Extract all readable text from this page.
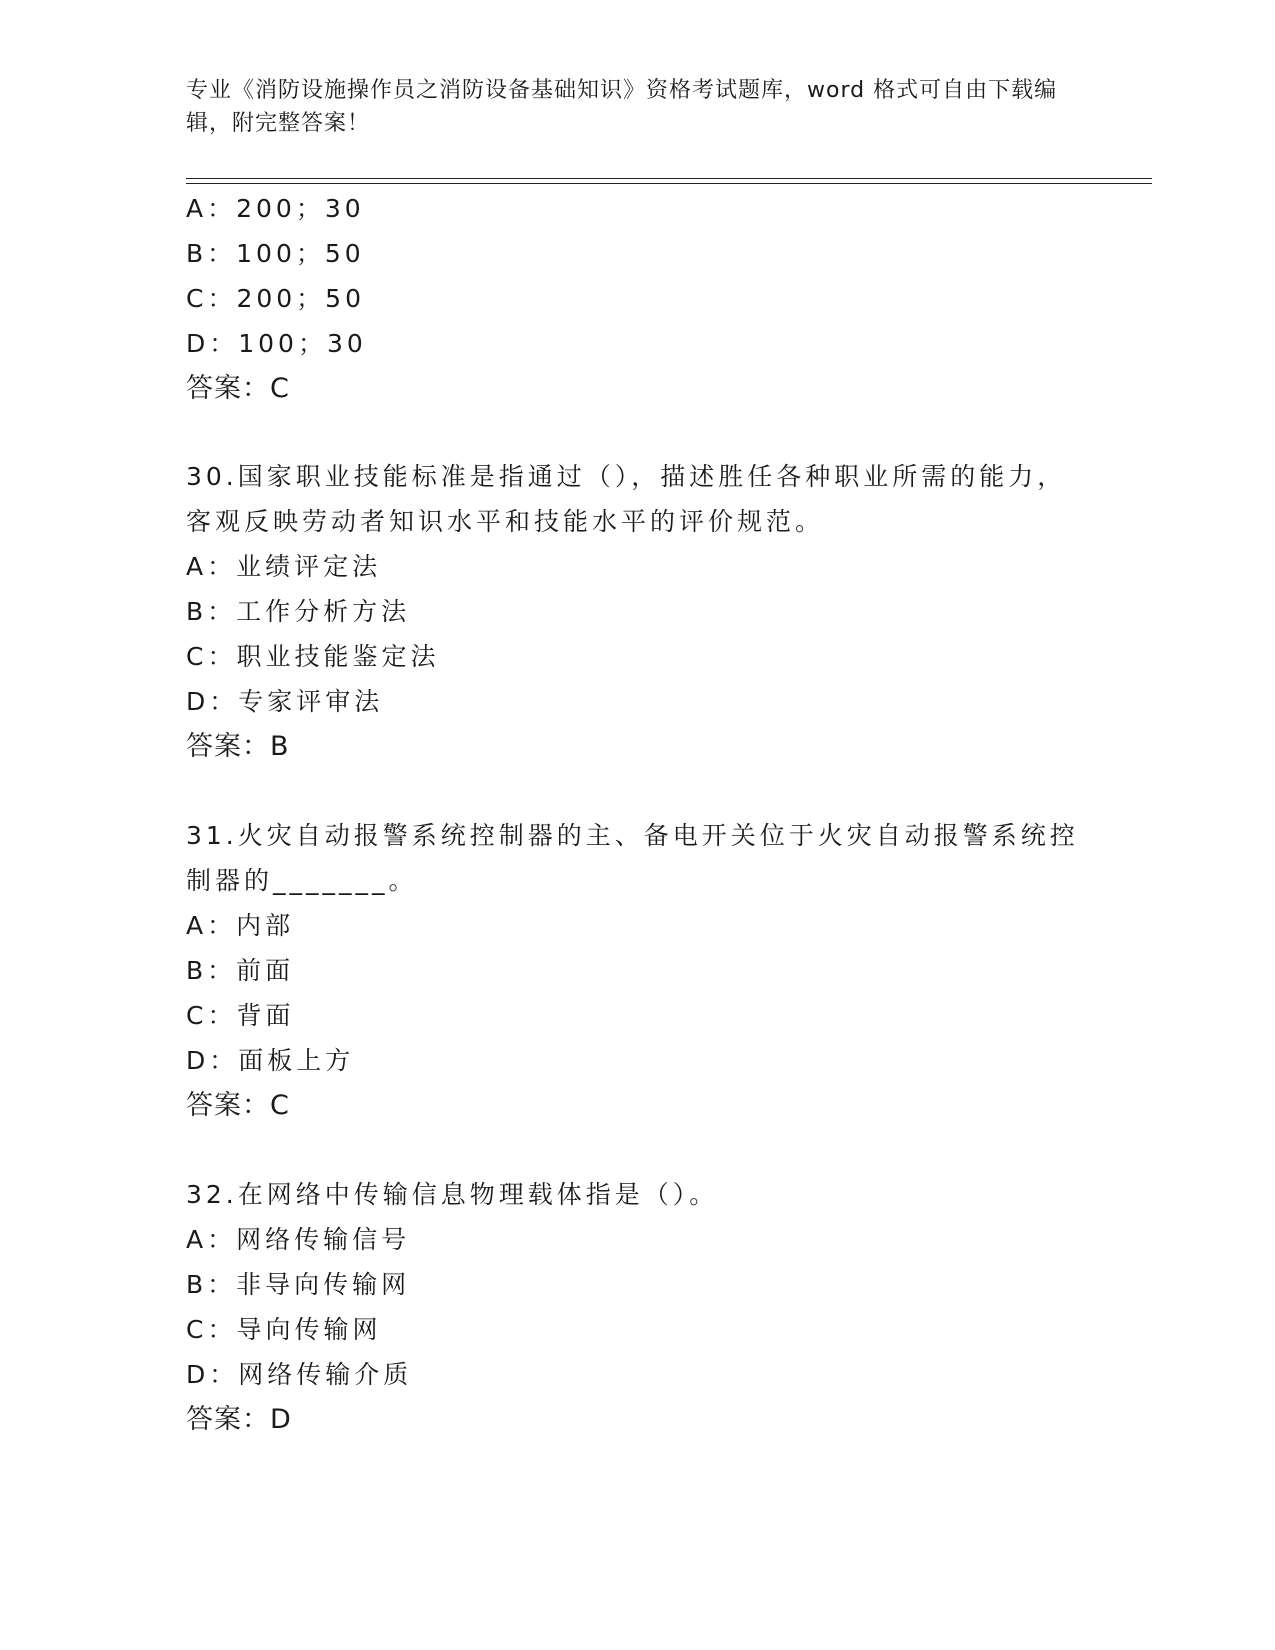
专业《消防设施操作员之消防设备基础知识》资格考试题库，word 格式可自由下载编辑，附完整答案！
A：200；30
B：100；50
C：200；50
D：100；30
答案：C
30.国家职业技能标准是指通过（），描述胜任各种职业所需的能力，
客观反映劳动者知识水平和技能水平的评价规范。
A：业绩评定法
B：工作分析方法
C：职业技能鉴定法
D：专家评审法
答案：B
31.火灾自动报警系统控制器的主、备电开关位于火灾自动报警系统控
制器的_______。
A：内部
B：前面
C：背面
D：面板上方
答案：C
32.在网络中传输信息物理载体指是（）。
A：网络传输信号
B：非导向传输网
C：导向传输网
D：网络传输介质
答案：D
